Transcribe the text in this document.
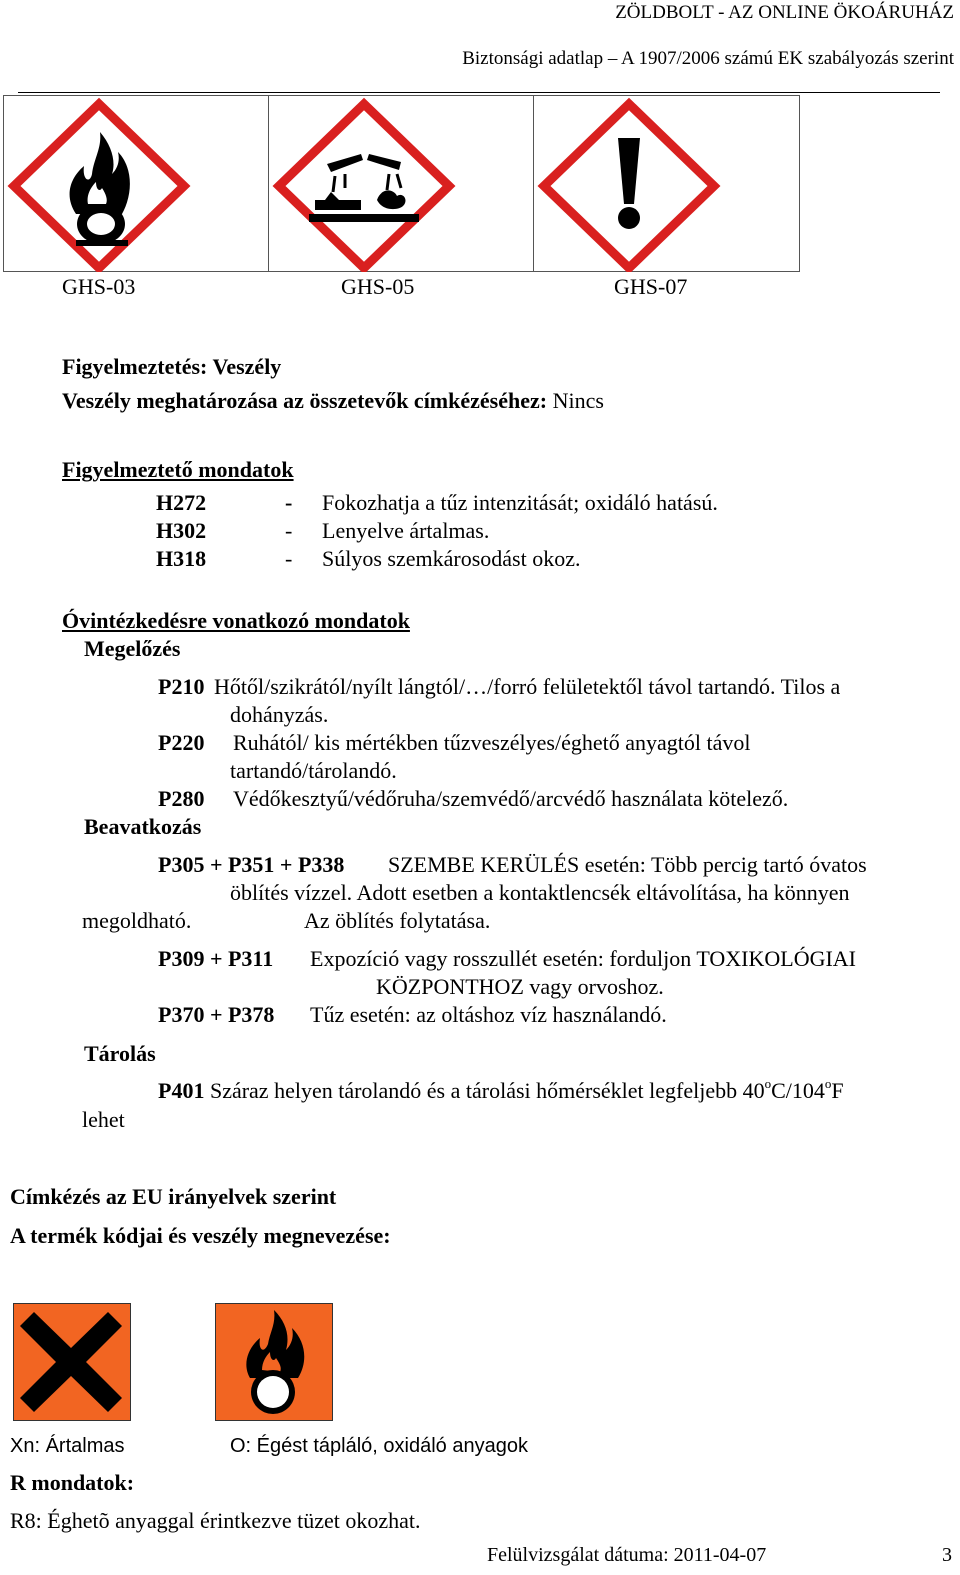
ZÖLDBOLT - AZ ONLINE ÖKOÁRUHÁZ
Biztonsági adatlap – A 1907/2006 számú EK szabályozás szerint
GHS-03	GHS-05	GHS-07
Figyelmeztetés: Veszély
Veszély meghatározása az összetevők címkézéséhez: Nincs
Figyelmeztető mondatok
H272	- Fokozhatja a tűz intenzitását; oxidáló hatású.
H302	- Lenyelve ártalmas.
H318	- Súlyos szemkárosodást okoz.
Óvintézkedésre vonatkozó mondatok
Megelőzés
P210 Hőtől/szikrától/nyílt lángtól/…/forró felületektől távol tartandó. Tilos a
dohányzás.
P220 Ruhától/ kis mértékben tűzveszélyes/éghető anyagtól távol
tartandó/tárolandó.
P280 Védőkesztyű/védőruha/szemvédő/arcvédő használata kötelező.
Beavatkozás
P305 + P351 + P338 SZEMBE KERÜLÉS esetén: Több percig tartó óvatos
öblítés vízzel. Adott esetben a kontaktlencsék eltávolítása, ha könnyen
megoldható.	Az öblítés folytatása.
P309 + P311 Expozíció vagy rosszullét esetén: forduljon TOXIKOLÓGIAI
KÖZPONTHOZ vagy orvoshoz.
P370 + P378 Tűz esetén: az oltáshoz víz használandó.
Tárolás
P401 Száraz helyen tárolandó és a tárolási hőmérséklet legfeljebb 40$^o$C/104$^o$F
lehet
Címkézés az EU irányelvek szerint
A termék kódjai és veszély megnevezése:
Xn: Ártalmas	O: Égést tápláló, oxidáló anyagok
R mondatok:
R8: Éghetõ anyaggal érintkezve tüzet okozhat.
Felülvizsgálat dátuma: 2011-04-07	3
